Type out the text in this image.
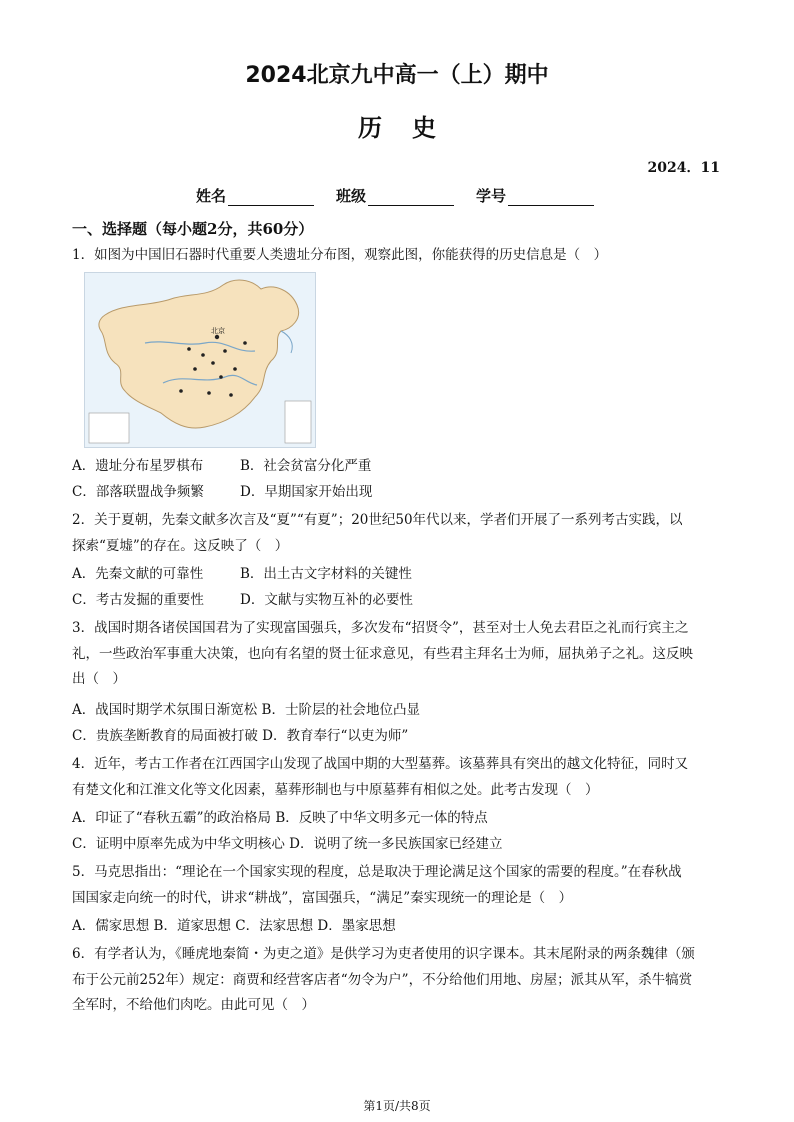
2024北京九中高一（上）期中
历史
2024．11
姓名	班级	学号
一、选择题（每小题2分，共60分）
1．如图为中国旧石器时代重要人类遗址分布图，观察此图，你能获得的历史信息是（　）
北京
A．遗址分布星罗棋布	B．社会贫富分化严重
C．部落联盟战争频繁	D．早期国家开始出现
2．关于夏朝，先秦文献多次言及“夏”“有夏”；20世纪50年代以来，学者们开展了一系列考古实践，以
探索“夏墟”的存在。这反映了（　）
A．先秦文献的可靠性	B．出土古文字材料的关键性
C．考古发掘的重要性	D．文献与实物互补的必要性
3．战国时期各诸侯国国君为了实现富国强兵，多次发布“招贤令”，甚至对士人免去君臣之礼而行宾主之
礼，一些政治军事重大决策，也向有名望的贤士征求意见，有些君主拜名士为师，屈执弟子之礼。这反映
出（　）
A．战国时期学术氛围日渐宽松 B．士阶层的社会地位凸显
C．贵族垄断教育的局面被打破 D．教育奉行“以吏为师”
4．近年，考古工作者在江西国字山发现了战国中期的大型墓葬。该墓葬具有突出的越文化特征，同时又
有楚文化和江淮文化等文化因素，墓葬形制也与中原墓葬有相似之处。此考古发现（　）
A．印证了“春秋五霸”的政治格局 B．反映了中华文明多元一体的特点
C．证明中原率先成为中华文明核心 D．说明了统一多民族国家已经建立
5．马克思指出：“理论在一个国家实现的程度，总是取决于理论满足这个国家的需要的程度。”在春秋战
国国家走向统一的时代，讲求“耕战”，富国强兵，“满足”秦实现统一的理论是（　）
A．儒家思想 B．道家思想 C．法家思想 D．墨家思想
6．有学者认为，《睡虎地秦简・为吏之道》是供学习为吏者使用的识字课本。其末尾附录的两条魏律（颁
布于公元前252年）规定：商贾和经营客店者“勿令为户”，不分给他们用地、房屋；派其从军，杀牛犒赏
全军时，不给他们肉吃。由此可见（　）
第1页/共8页
